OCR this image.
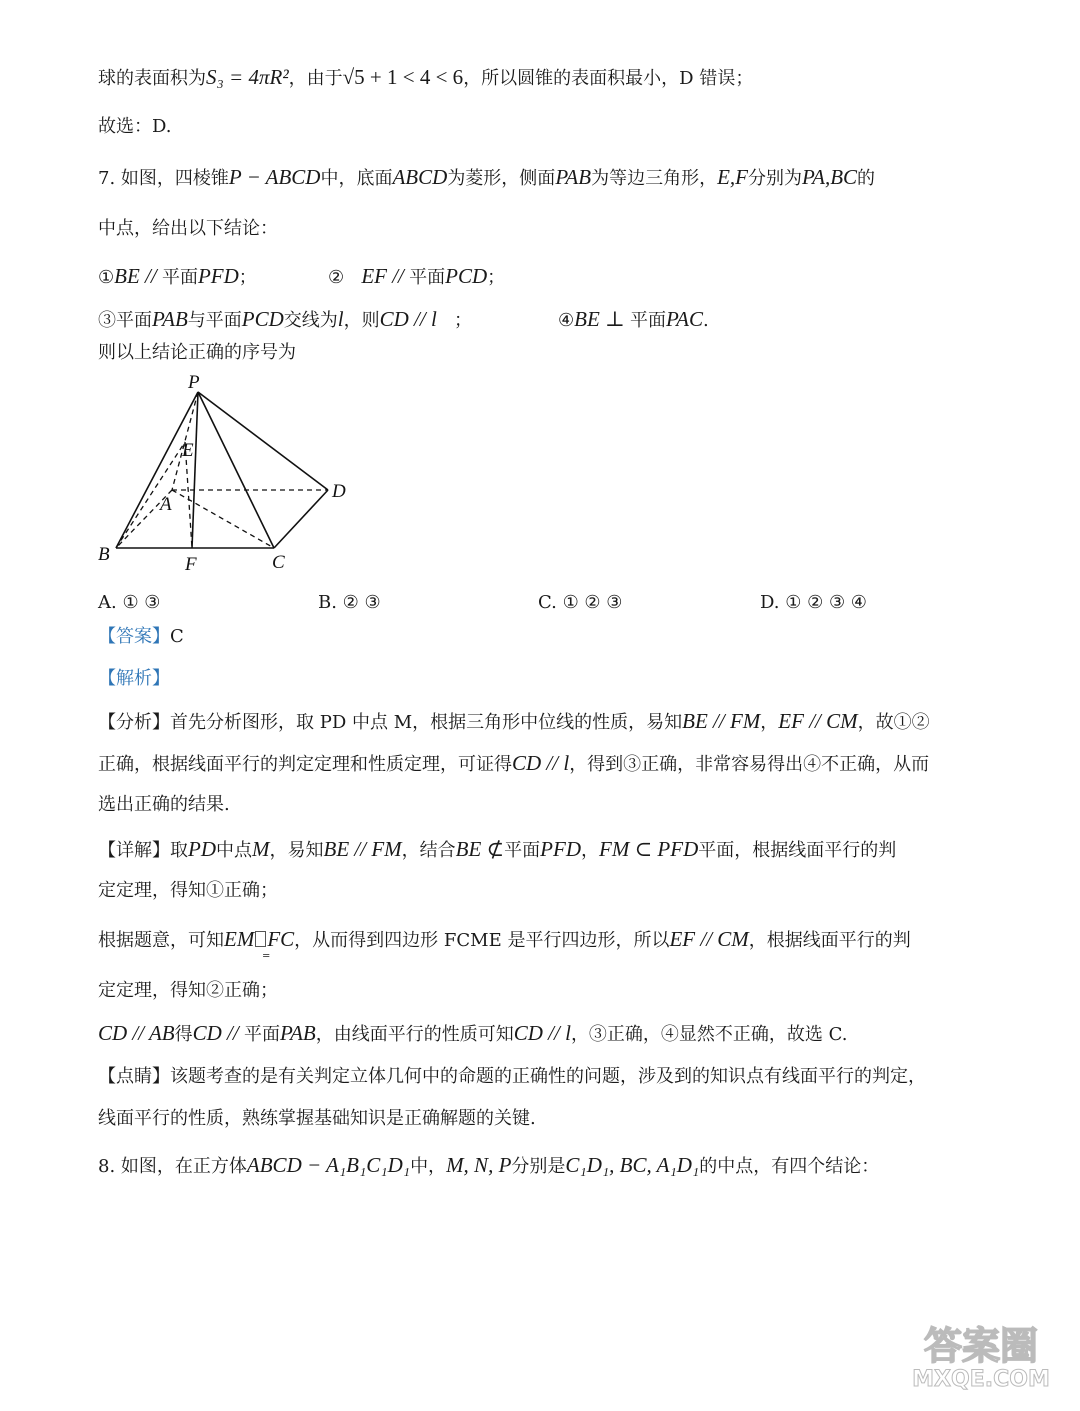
球的表面积为S₃ = 4πR²，由于√5 + 1 < 4 < 6，所以圆锥的表面积最小，D 错误；
故选：D.
7. 如图，四棱锥P − ABCD中，底面ABCD为菱形，侧面PAB为等边三角形，E,F分别为PA,BC的
中点，给出以下结论：
①BE // 平面PFD；	② EF // 平面PCD；
③平面PAB与平面PCD交线为l，则CD // l ；	④BE ⊥ 平面PAC.
则以上结论正确的序号为
P
E
A
D
B	F	C
A. ① ③	B. ② ③	C. ① ② ③	D. ① ② ③ ④
【答案】C
【解析】
【分析】首先分析图形，取 PD 中点 M，根据三角形中位线的性质，易知BE // FM，EF // CM，故①②
正确，根据线面平行的判定定理和性质定理，可证得CD // l，得到③正确，非常容易得出④不正确，从而
选出正确的结果.
【详解】取PD中点M，易知BE // FM，结合BE ⊄平面PFD，FM ⊂ PFD平面，根据线面平行的判
定定理，得知①正确；
根据题意，可知EM FC
=
，从而得到四边形 FCME 是平行四边形，所以EF // CM，根据线面平行的判
定定理，得知②正确；
CD // AB得CD // 平面PAB，由线面平行的性质可知CD // l，③正确，④显然不正确，故选 C.
【点睛】该题考查的是有关判定立体几何中的命题的正确性的问题，涉及到的知识点有线面平行的判定，
线面平行的性质，熟练掌握基础知识是正确解题的关键.
8. 如图，在正方体ABCD − A₁B₁C₁D₁中，M, N, P分别是C₁D₁, BC, A₁D₁的中点，有四个结论：
答案圈
MXQE.COM
